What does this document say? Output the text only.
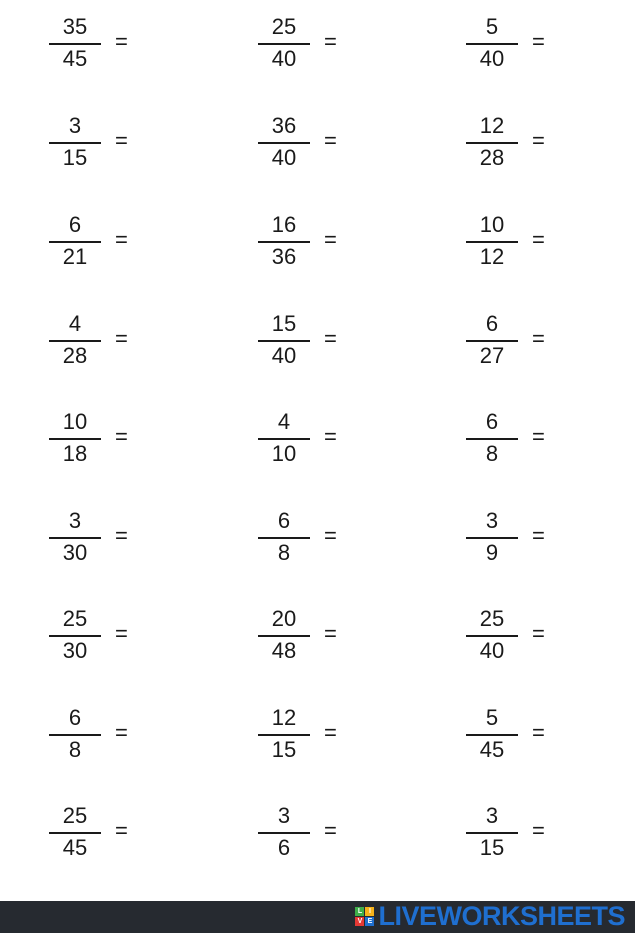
35
45
=
25
40
=
5
40
=
3
15
=
36
40
=
12
28
=
6
21
=
16
36
=
10
12
=
4
28
=
15
40
=
6
27
=
10
18
=
4
10
=
6
8
=
3
30
=
6
8
=
3
9
=
25
30
=
20
48
=
25
40
=
6
8
=
12
15
=
5
45
=
25
45
=
3
6
=
3
15
=
L I
V E LIVEWORKSHEETS
